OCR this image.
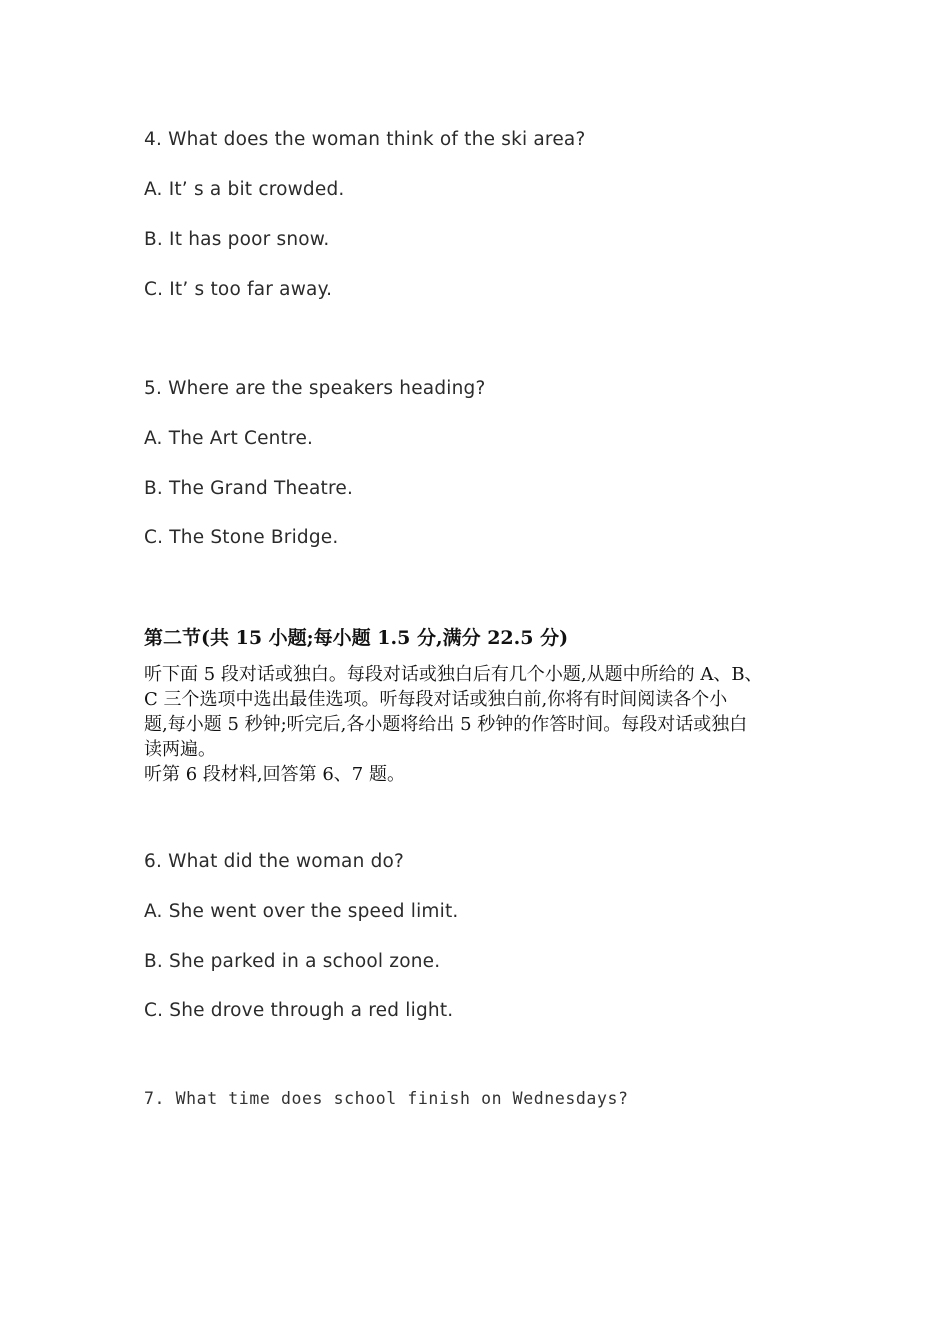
4. What does the woman think of the ski area?
A. It’ s a bit crowded.
B. It has poor snow.
C. It’ s too far away.
5. Where are the speakers heading?
A. The Art Centre.
B. The Grand Theatre.
C. The Stone Bridge.
第二节(共 15 小题;每小题 1.5 分,满分 22.5 分)
听下面 5 段对话或独白。每段对话或独白后有几个小题,从题中所给的 A、B、
C 三个选项中选出最佳选项。听每段对话或独白前,你将有时间阅读各个小
题,每小题 5 秒钟;听完后,各小题将给出 5 秒钟的作答时间。每段对话或独白
读两遍。
听第 6 段材料,回答第 6、7 题。
6. What did the woman do?
A. She went over the speed limit.
B. She parked in a school zone.
C. She drove through a red light.
7. What time does school finish on Wednesdays?
